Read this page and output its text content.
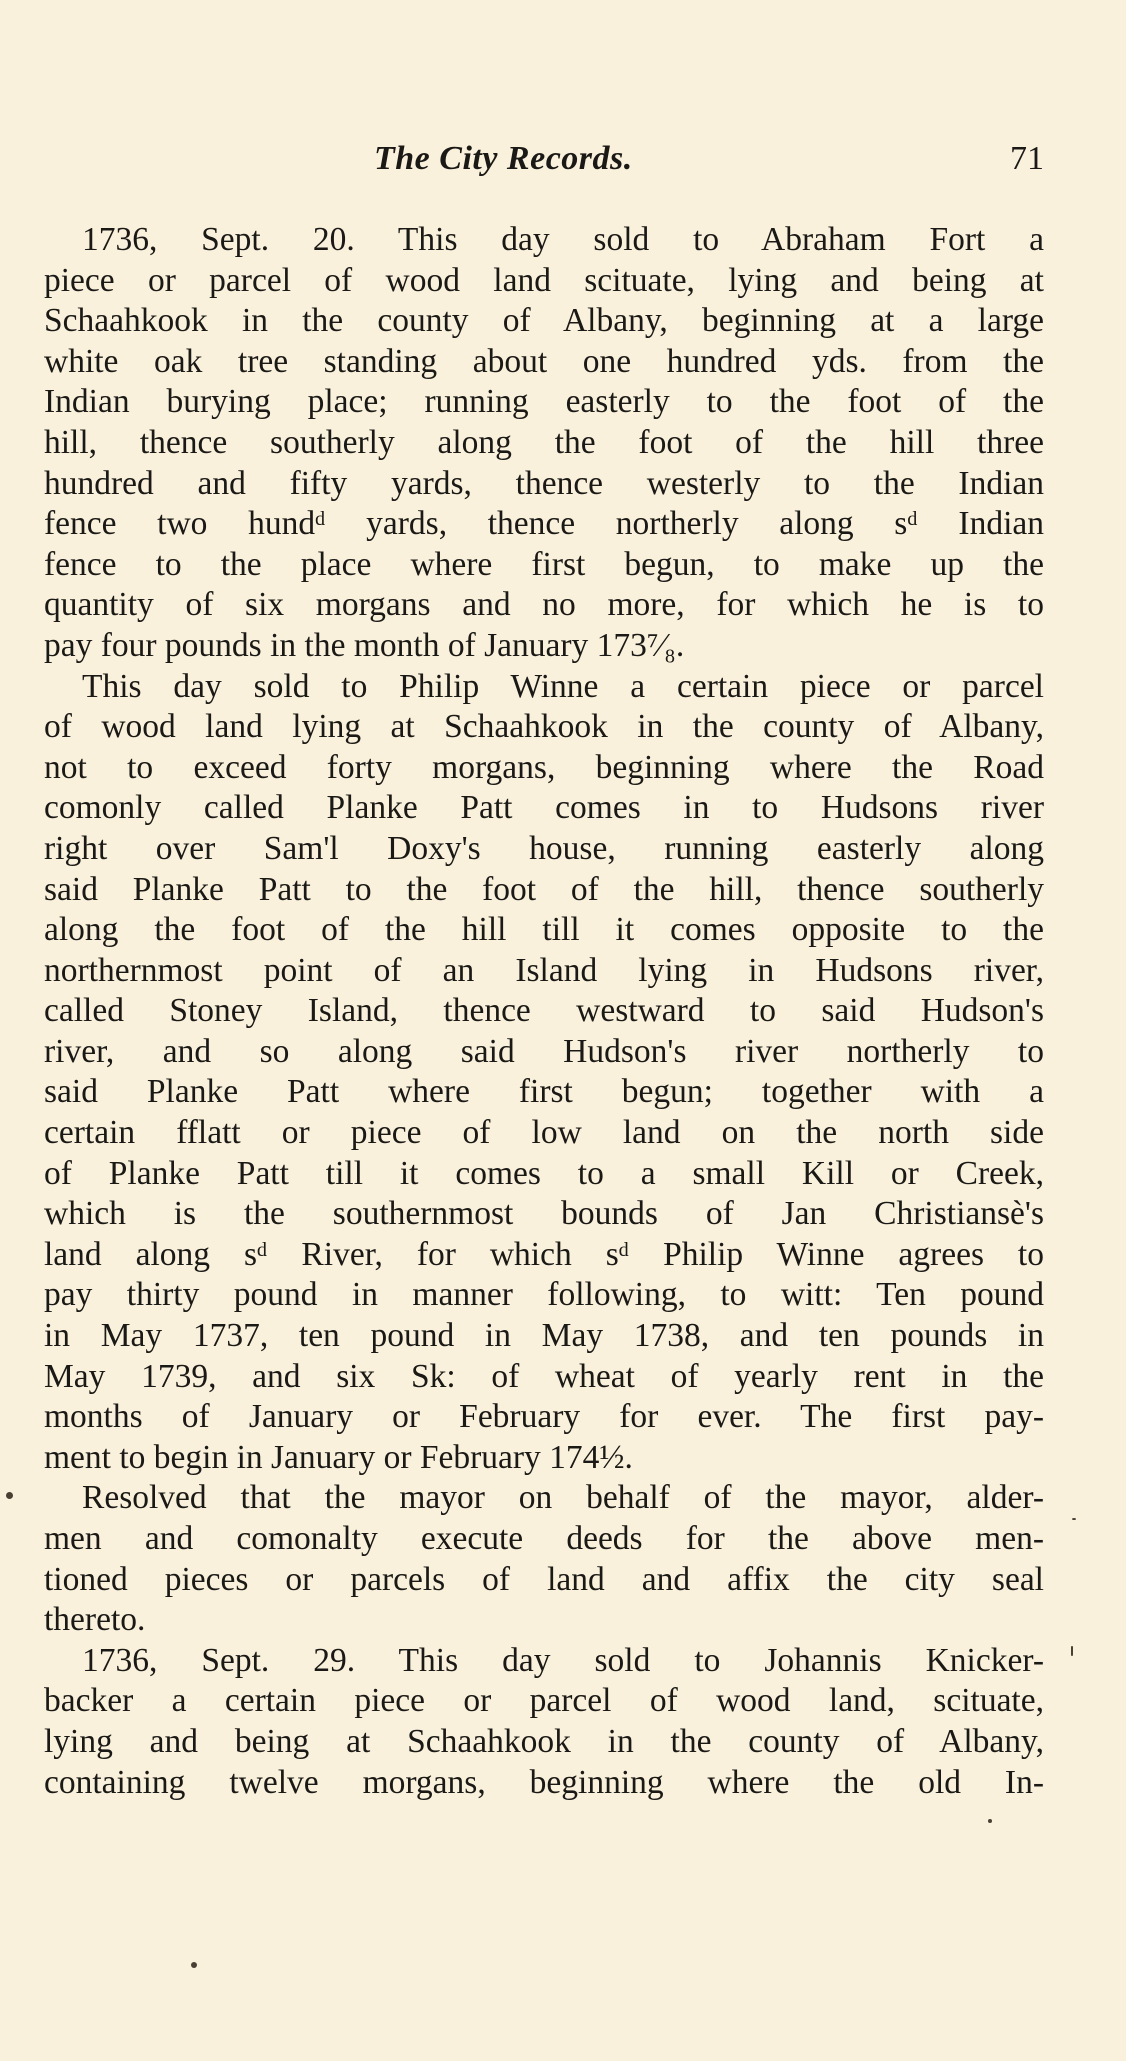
The City Records.	71
1736, Sept. 20. This day sold to Abraham Fort a
piece or parcel of wood land scituate, lying and being at
Schaahkook in the county of Albany, beginning at a large
white oak tree standing about one hundred yds. from the
Indian burying place; running easterly to the foot of the
hill, thence southerly along the foot of the hill three
hundred and fifty yards, thence westerly to the Indian
fence two hundᵈ yards, thence northerly along sᵈ Indian
fence to the place where first begun, to make up the
quantity of six morgans and no more, for which he is to
pay four pounds in the month of January 173⁷⁄₈.
This day sold to Philip Winne a certain piece or parcel
of wood land lying at Schaahkook in the county of Albany,
not to exceed forty morgans, beginning where the Road
comonly called Planke Patt comes in to Hudsons river
right over Sam'l Doxy's house, running easterly along
said Planke Patt to the foot of the hill, thence southerly
along the foot of the hill till it comes opposite to the
northernmost point of an Island lying in Hudsons river,
called Stoney Island, thence westward to said Hudson's
river, and so along said Hudson's river northerly to
said Planke Patt where first begun; together with a
certain fflatt or piece of low land on the north side
of Planke Patt till it comes to a small Kill or Creek,
which is the southernmost bounds of Jan Christiansè's
land along sᵈ River, for which sᵈ Philip Winne agrees to
pay thirty pound in manner following, to witt: Ten pound
in May 1737, ten pound in May 1738, and ten pounds in
May 1739, and six Sk: of wheat of yearly rent in the
months of January or February for ever. The first pay-
ment to begin in January or February 174½.
Resolved that the mayor on behalf of the mayor, alder-
men and comonalty execute deeds for the above men-
tioned pieces or parcels of land and affix the city seal
thereto.
1736, Sept. 29. This day sold to Johannis Knicker-
backer a certain piece or parcel of wood land, scituate,
lying and being at Schaahkook in the county of Albany,
containing twelve morgans, beginning where the old In-
